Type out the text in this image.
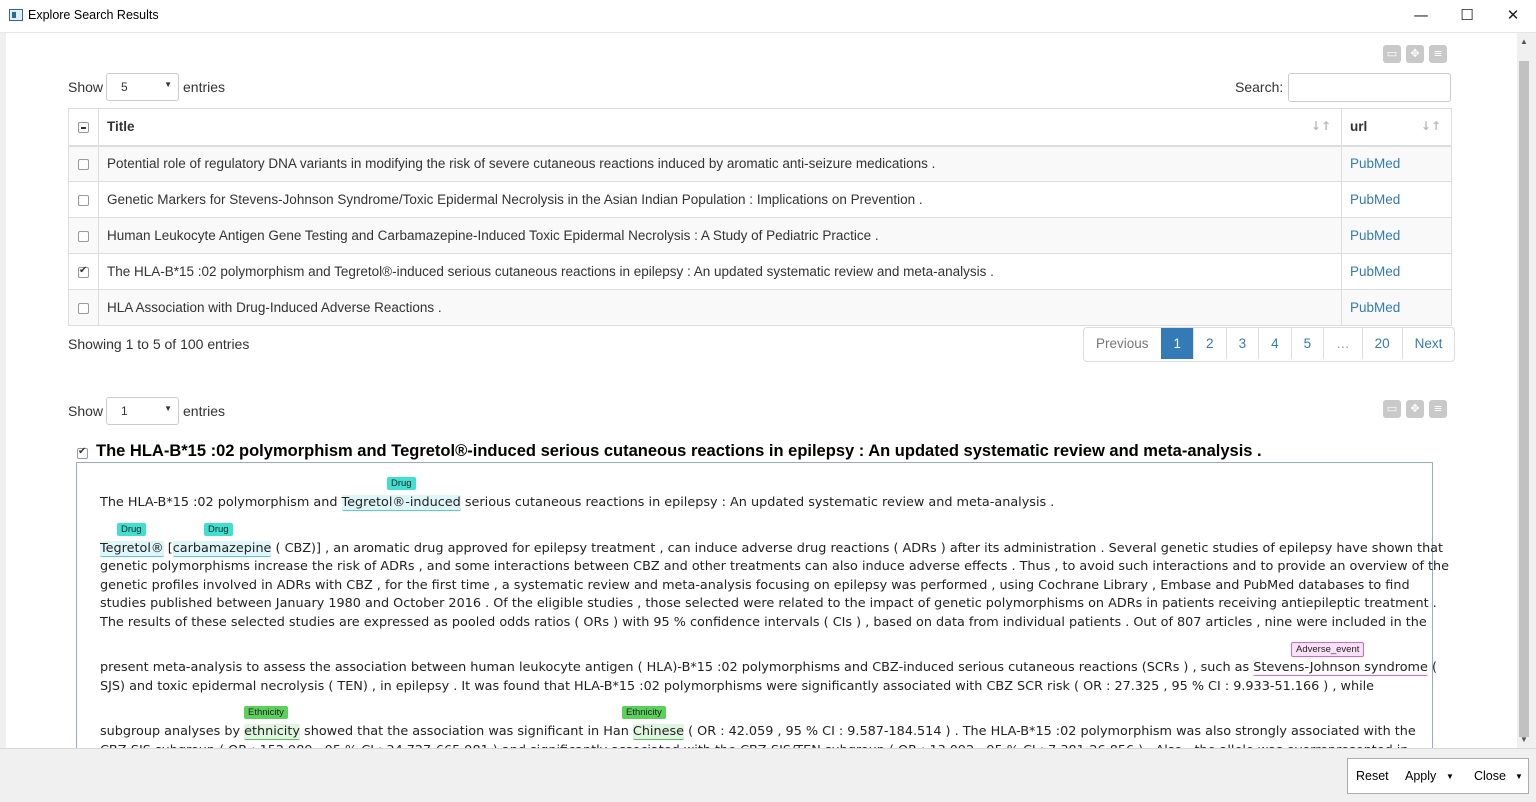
Explore Search Results	—	☐	✕
▭	✥	≡
Show	5	▼ entries	Search:
	Title ↓↑	url ↓↑

	Potential role of regulatory DNA variants in modifying the risk of severe cutaneous reactions induced by aromatic anti-seizure medications .	PubMed
	Genetic Markers for Stevens-Johnson Syndrome/Toxic Epidermal Necrolysis in the Asian Indian Population : Implications on Prevention .	PubMed
	Human Leukocyte Antigen Gene Testing and Carbamazepine-Induced Toxic Epidermal Necrolysis : A Study of Pediatric Practice .	PubMed
✔	The HLA-B*15 :02 polymorphism and Tegretol®-induced serious cutaneous reactions in epilepsy : An updated systematic review and meta-analysis .	PubMed
	HLA Association with Drug-Induced Adverse Reactions .	PubMed
Showing 1 to 5 of 100 entries	Previous	1	2	3	4	5	…	20	Next
▭	✥	≡
Show	1	▼ entries
✔
The HLA-B*15 :02 polymorphism and Tegretol®-induced serious cutaneous reactions in epilepsy : An updated systematic review and meta-analysis .
Drug
The HLA-B*15 :02 polymorphism and Tegretol®-induced serious cutaneous reactions in epilepsy : An updated systematic review and meta-analysis .
Drug	Drug
Tegretol® [carbamazepine ( CBZ)] , an aromatic drug approved for epilepsy treatment , can induce adverse drug reactions ( ADRs ) after its administration . Several genetic studies of epilepsy have shown that
genetic polymorphisms increase the risk of ADRs , and some interactions between CBZ and other treatments can also induce adverse effects . Thus , to avoid such interactions and to provide an overview of the
genetic profiles involved in ADRs with CBZ , for the first time , a systematic review and meta-analysis focusing on epilepsy was performed , using Cochrane Library , Embase and PubMed databases to find
studies published between January 1980 and October 2016 . Of the eligible studies , those selected were related to the impact of genetic polymorphisms on ADRs in patients receiving antiepileptic treatment .
The results of these selected studies are expressed as pooled odds ratios ( ORs ) with 95 % confidence intervals ( CIs ) , based on data from individual patients . Out of 807 articles , nine were included in the
Adverse_event
present meta-analysis to assess the association between human leukocyte antigen ( HLA)-B*15 :02 polymorphisms and CBZ-induced serious cutaneous reactions (SCRs ) , such as Stevens-Johnson syndrome (
SJS) and toxic epidermal necrolysis ( TEN) , in epilepsy . It was found that HLA-B*15 :02 polymorphisms were significantly associated with CBZ SCR risk ( OR : 27.325 , 95 % CI : 9.933-51.166 ) , while
Ethnicity	Ethnicity
subgroup analyses by ethnicity showed that the association was significant in Han Chinese ( OR : 42.059 , 95 % CI : 9.587-184.514 ) . The HLA-B*15 :02 polymorphism was also strongly associated with the
▲
▼
Reset Apply ▼ Close ▼
